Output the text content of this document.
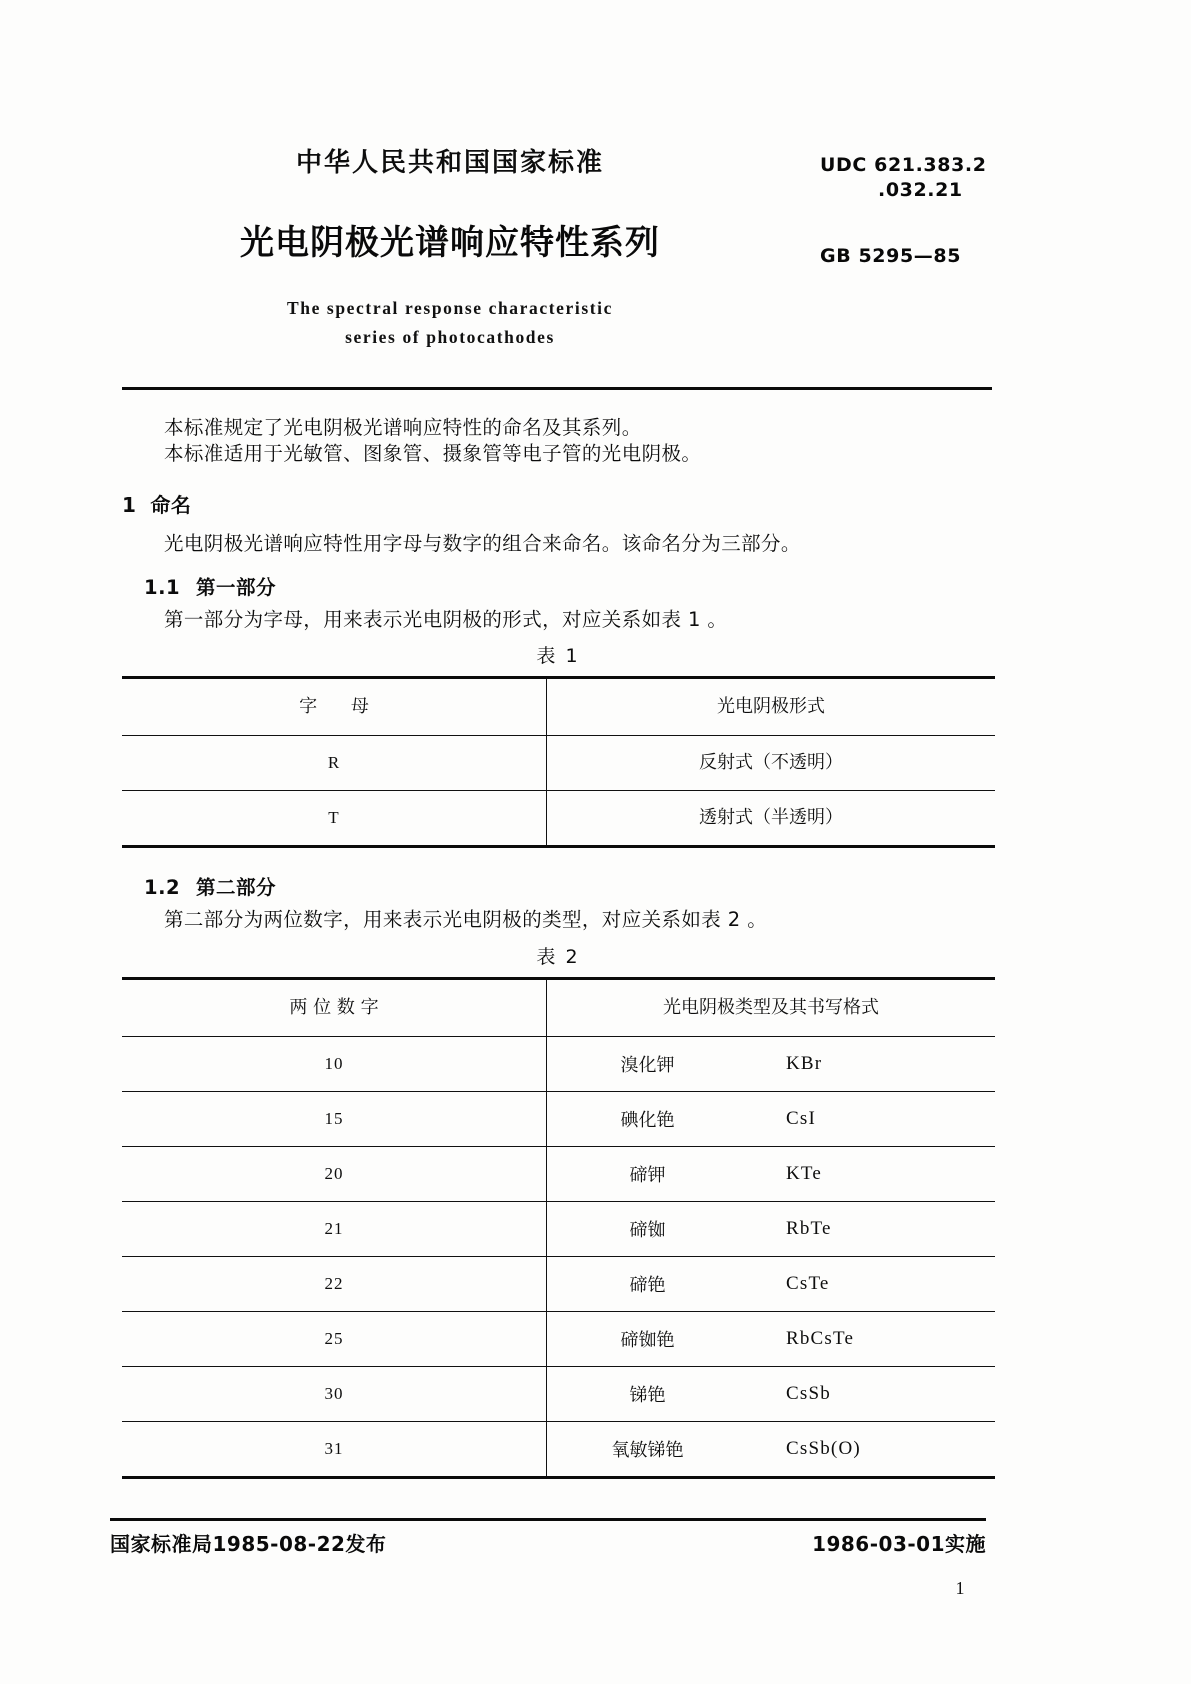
中华人民共和国国家标准
光电阴极光谱响应特性系列
The spectral response characteristic
series of photocathodes
UDC 621.383.2
.032.21
GB 5295—85

本标准规定了光电阴极光谱响应特性的命名及其系列。

本标准适用于光敏管、图象管、摄象管等电子管的光电阴极。

1 命名

光电阴极光谱响应特性用字母与数字的组合来命名。该命名分为三部分。

1.1 第一部分

第一部分为字母，用来表示光电阴极的形式，对应关系如表 1 。

表 1
字 母	光电阴极形式

R	反射式（不透明）

T	透射式（半透明）
1.2 第二部分

第二部分为两位数字，用来表示光电阴极的类型，对应关系如表 2 。

表 2
两 位 数 字	光电阴极类型及其书写格式

10	溴化钾 KBr

15	碘化铯 CsI

20	碲钾 KTe

21	碲铷 RbTe

22	碲铯 CsTe

25	碲铷铯 RbCsTe

30	锑铯 CsSb

31	氧敏锑铯 CsSb(O)
国家标准局1985-08-22发布	1986-03-01实施
1
